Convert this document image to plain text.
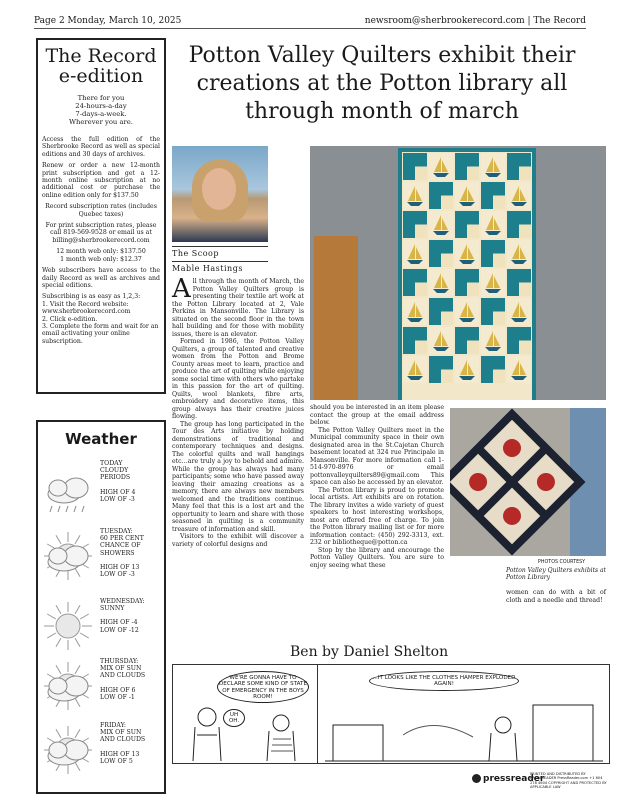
Page 2 Monday, March 10, 2025	newsroom@sherbrookerecord.com | The Record
The Record
e-edition
There for you
24-hours-a-day
7-days-a-week.
Wherever you are.

Access the full edition of the Sherbrooke Record as well as special editions and 30 days of archives.

Renew or order a new 12-month print subscription and get a 12-month online subscription at no additional cost or purchase the online edition only for $137.50

Record subscription rates (includes Quebec taxes)

For print subscription rates, please call 819-569-9528 or email us at billing@sherbrookerecord.com

12 month web only: $137.50
1 month web only: $12.37

Web subscribers have access to the daily Record as well as archives and special editions.

Subscribing is as easy as 1,2,3:
1. Visit the Record website: www.sherbrookerecord.com
2. Click e-edition.
3. Complete the form and wait for an email activating your online subscription.

Weather
TODAY
CLOUDY
PERIODS
HIGH OF 4
LOW OF -3
TUESDAY:
60 PER CENT
CHANCE OF
SHOWERS
HIGH OF 13
LOW OF -3
WEDNESDAY:
SUNNY
HIGH OF -4
LOW OF -12
THURSDAY:
MIX OF SUN
AND CLOUDS
HIGH OF 6
LOW OF -1
FRIDAY:
MIX OF SUN
AND CLOUDS
HIGH OF 13
LOW OF 5
Potton Valley Quilters exhibit their creations at the Potton library all through month of march
The Scoop
Mable Hastings

All through the month of March, the Potton Valley Quilters group is presenting their textile art work at the Potton Library located at 2, Vale Perkins in Mansonville. The Library is situated on the second floor in the town hall building and for those with mobility issues, there is an elevator.

Formed in 1986, the Potton Valley Quilters, a group of talented and creative women from the Potton and Brome County areas meet to learn, practice and produce the art of quilting while enjoying some social time with others who partake in this passion for the art of quilting. Quilts, wool blankets, fibre arts, embroidery and decorative items, this group always has their creative juices flowing.

The group has long participated in the Tour des Arts initiative by holding demonstrations of traditional and contemporary techniques and designs. The colorful quilts and wall hangings etc…are truly a joy to behold and admire. While the group has always had many participants; some who have passed away leaving their amazing creations as a memory, there are always new members welcomed and the traditions continue. Many feel that this is a lost art and the opportunity to learn and share with those seasoned in quilting is a community treasure of information and skill.

Visitors to the exhibit will discover a variety of colorful designs and

should you be interested in an item please contact the group at the email address below.

The Potton Valley Quilters meet in the Municipal community space in their own designated area in the St.Cajetan Church basement located at 324 rue Principale in Mansonville. For more information call 1-514-970-8976 or email pottonvalleyquilters89@gmail.com This space can also be accessed by an elevator.

The Potton library is proud to promote local artists. Art exhibits are on rotation. The library invites a wide variety of guest speakers to host interesting workshops, most are offered free of charge. To join the Potton library mailing list or for more information contact: (450) 292-3313, ext. 232 or bibliotheque@potton.ca

Stop by the library and encourage the Potton Valley Quilters. You are sure to enjoy seeing what these	PHOTOS COURTESY
Potton Valley Quilters exhibits at Potton Library

women can do with a bit of cloth and a needle and thread!

Ben by Daniel Shelton
WE'RE GONNA HAVE TO DECLARE SOME KIND OF STATE OF EMERGENCY IN THE BOYS ROOM!
UH OH.
...IT LOOKS LIKE THE CLOTHES HAMPER EXPLODED AGAIN!
pressreader
PRINTED AND DISTRIBUTED BY PRESSREADER PressReader.com +1 604 278 4604 COPYRIGHT AND PROTECTED BY APPLICABLE LAW
